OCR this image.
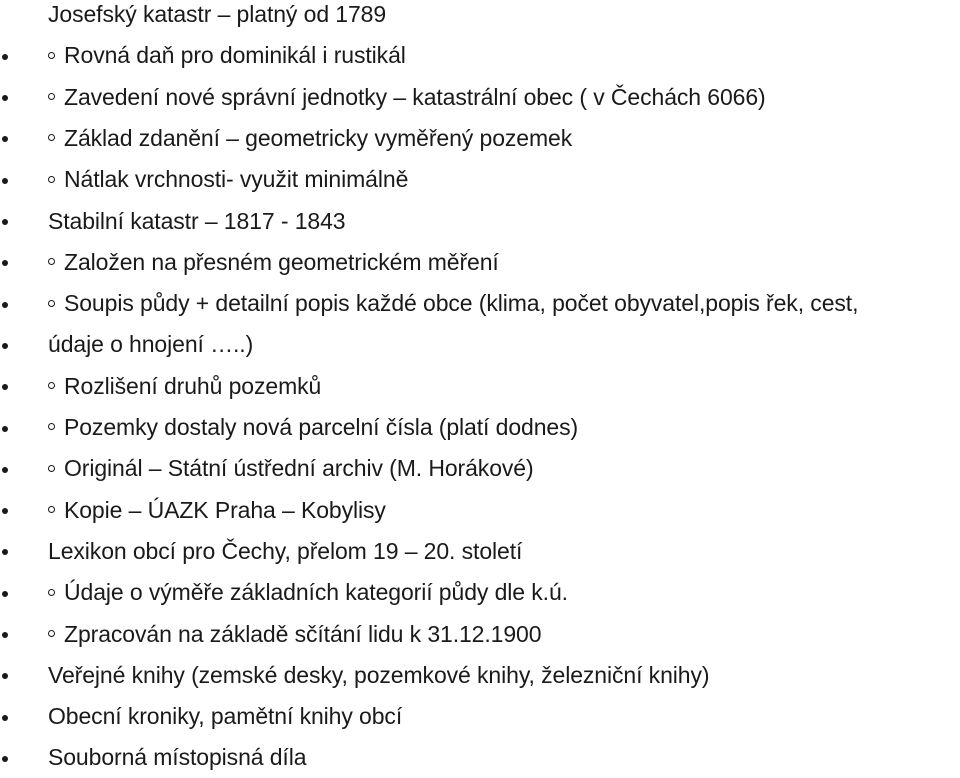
Josefský katastr – platný od 1789
Rovná daň pro dominikál i rustikál
Zavedení nové správní jednotky – katastrální obec ( v Čechách 6066)
Základ zdanění – geometricky vyměřený pozemek
Nátlak vrchnosti- využit minimálně
Stabilní katastr – 1817 - 1843
Založen na přesném geometrickém měření
Soupis půdy + detailní popis každé obce (klima, počet obyvatel,popis řek, cest,
údaje o hnojení …..)
Rozlišení druhů pozemků
Pozemky dostaly nová parcelní čísla (platí dodnes)
Originál – Státní ústřední archiv (M. Horákové)
Kopie – ÚAZK Praha – Kobylisy
Lexikon obcí pro Čechy, přelom 19 – 20. století
Údaje o výměře základních kategorií půdy dle k.ú.
Zpracován na základě sčítání lidu k 31.12.1900
Veřejné knihy (zemské desky, pozemkové knihy, železniční knihy)
Obecní kroniky, pamětní knihy obcí
Souborná místopisná díla
